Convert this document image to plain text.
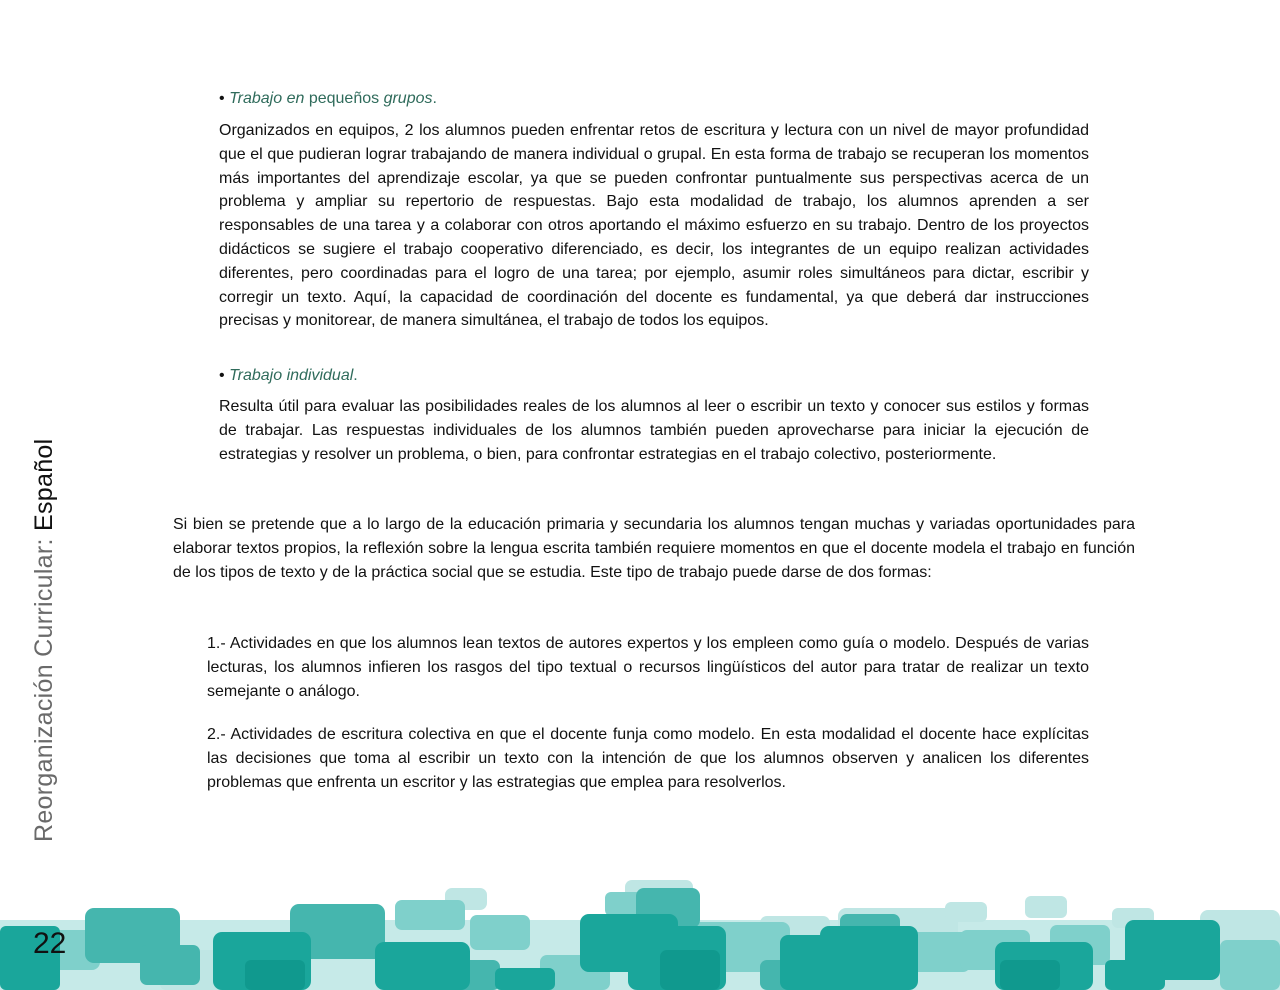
Reorganización Curricular: Español

• Trabajo en pequeños grupos.

Organizados en equipos, 2 los alumnos pueden enfrentar retos de escritura y lectura con un nivel de mayor profundidad que el que pudieran lograr trabajando de manera individual o grupal. En esta forma de trabajo se recuperan los momentos más importantes del aprendizaje escolar, ya que se pueden confrontar puntualmente sus perspectivas acerca de un problema y ampliar su repertorio de respuestas. Bajo esta modalidad de trabajo, los alumnos aprenden a ser responsables de una tarea y a colaborar con otros aportando el máximo esfuerzo en su trabajo. Dentro de los proyectos didácticos se sugiere el trabajo cooperativo diferenciado, es decir, los integrantes de un equipo realizan actividades diferentes, pero coordinadas para el logro de una tarea; por ejemplo, asumir roles simultáneos para dictar, escribir y corregir un texto. Aquí, la capacidad de coordinación del docente es fundamental, ya que deberá dar instrucciones precisas y monitorear, de manera simultánea, el trabajo de todos los equipos.

• Trabajo individual.

Resulta útil para evaluar las posibilidades reales de los alumnos al leer o escribir un texto y conocer sus estilos y formas de trabajar. Las respuestas individuales de los alumnos también pueden aprovecharse para iniciar la ejecución de estrategias y resolver un problema, o bien, para confrontar estrategias en el trabajo colectivo, posteriormente.

Si bien se pretende que a lo largo de la educación primaria y secundaria los alumnos tengan muchas y variadas oportunidades para elaborar textos propios, la reflexión sobre la lengua escrita también requiere momentos en que el docente modela el trabajo en función de los tipos de texto y de la práctica social que se estudia. Este tipo de trabajo puede darse de dos formas:

1.- Actividades en que los alumnos lean textos de autores expertos y los empleen como guía o modelo. Después de varias lecturas, los alumnos infieren los rasgos del tipo textual o recursos lingüísticos del autor para tratar de realizar un texto semejante o análogo.

2.- Actividades de escritura colectiva en que el docente funja como modelo. En esta modalidad el docente hace explícitas las decisiones que toma al escribir un texto con la intención de que los alumnos observen y analicen los diferentes problemas que enfrenta un escritor y las estrategias que emplea para resolverlos.

22
